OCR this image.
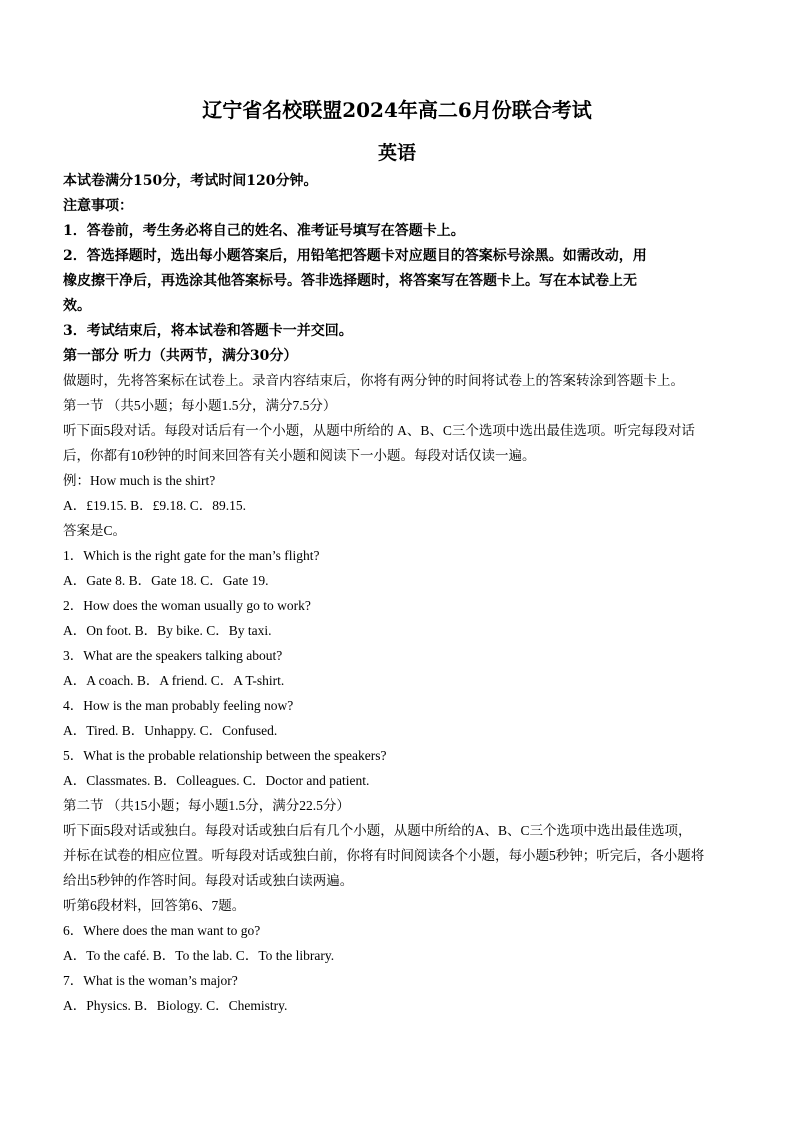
辽宁省名校联盟2024年高二6月份联合考试
英语
本试卷满分150分，考试时间120分钟。
注意事项：
1．答卷前，考生务必将自己的姓名、准考证号填写在答题卡上。
2．答选择题时，选出每小题答案后，用铅笔把答题卡对应题目的答案标号涂黑。如需改动，用
橡皮擦干净后，再选涂其他答案标号。答非选择题时，将答案写在答题卡上。写在本试卷上无
效。
3．考试结束后，将本试卷和答题卡一并交回。
第一部分 听力（共两节，满分30分）
做题时，先将答案标在试卷上。录音内容结束后，你将有两分钟的时间将试卷上的答案转涂到答题卡上。
第一节 （共5小题；每小题1.5分，满分7.5分）
听下面5段对话。每段对话后有一个小题，从题中所给的 A、B、C三个选项中选出最佳选项。听完每段对话
后，你都有10秒钟的时间来回答有关小题和阅读下一小题。每段对话仅读一遍。
例：How much is the shirt?
A．£19.15. B．£9.18. C．89.15.
答案是C。
1．Which is the right gate for the man’s flight?
A．Gate 8. B．Gate 18. C．Gate 19.
2．How does the woman usually go to work?
A．On foot. B．By bike. C．By taxi.
3．What are the speakers talking about?
A．A coach. B．A friend. C．A T-shirt.
4．How is the man probably feeling now?
A．Tired. B．Unhappy. C．Confused.
5．What is the probable relationship between the speakers?
A．Classmates. B．Colleagues. C．Doctor and patient.
第二节 （共15小题；每小题1.5分，满分22.5分）
听下面5段对话或独白。每段对话或独白后有几个小题，从题中所给的A、B、C三个选项中选出最佳选项，
并标在试卷的相应位置。听每段对话或独白前，你将有时间阅读各个小题，每小题5秒钟；听完后，各小题将
给出5秒钟的作答时间。每段对话或独白读两遍。
听第6段材料，回答第6、7题。
6．Where does the man want to go?
A．To the café. B．To the lab. C．To the library.
7．What is the woman’s major?
A．Physics. B．Biology. C．Chemistry.
